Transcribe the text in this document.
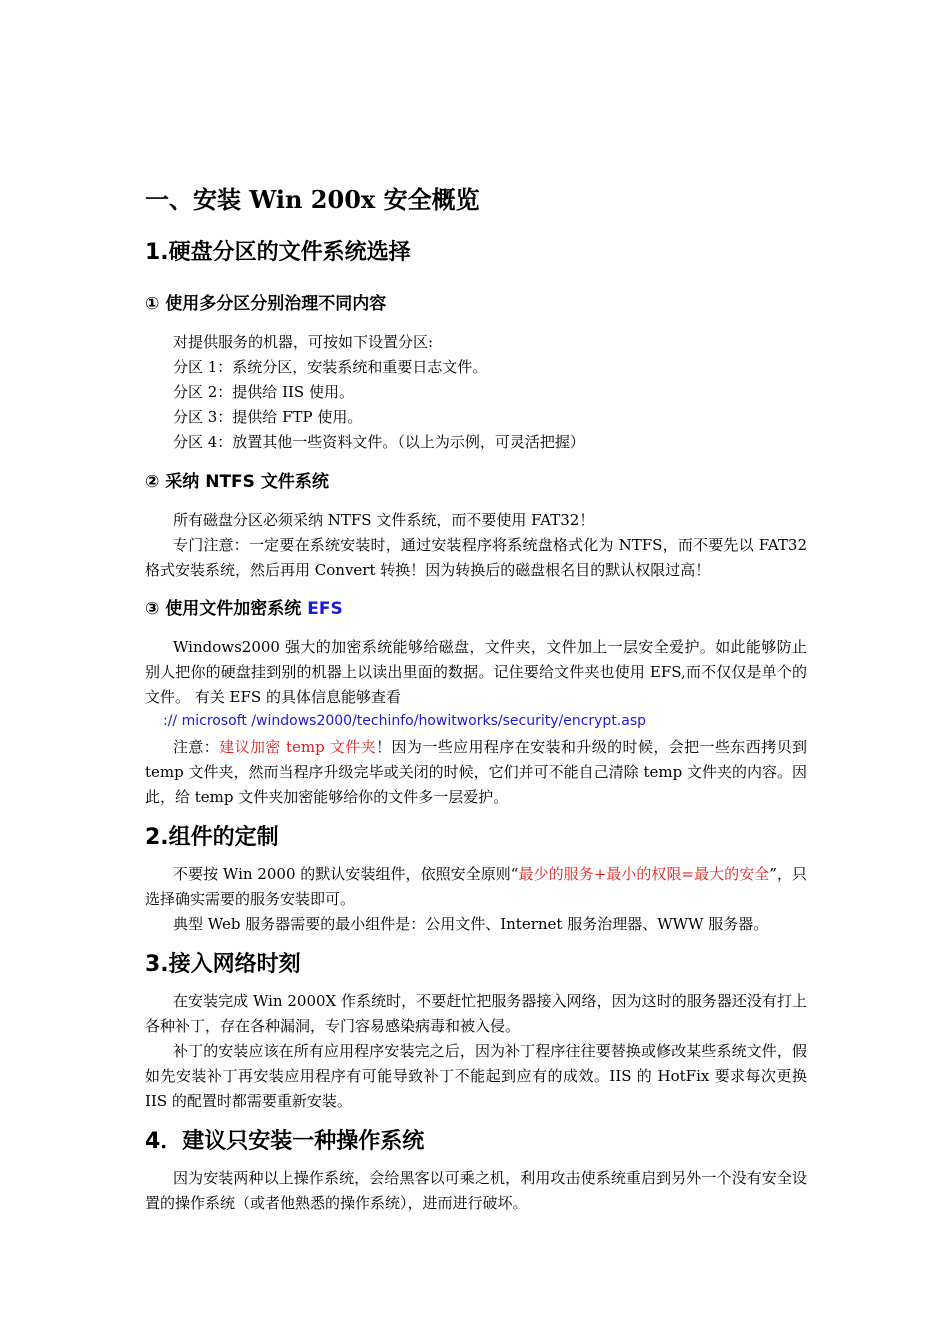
一、安装 Win 200x 安全概览
1.硬盘分区的文件系统选择
① 使用多分区分别治理不同内容

对提供服务的机器，可按如下设置分区:

分区 1：系统分区，安装系统和重要日志文件。

分区 2：提供给 IIS 使用。

分区 3：提供给 FTP 使用。

分区 4：放置其他一些资料文件。（以上为示例，可灵活把握）

② 采纳 NTFS 文件系统

所有磁盘分区必须采纳 NTFS 文件系统，而不要使用 FAT32！

专门注意：一定要在系统安装时，通过安装程序将系统盘格式化为 NTFS，而不要先以 FAT32 格式安装系统，然后再用 Convert 转换！因为转换后的磁盘根名目的默认权限过高！

③ 使用文件加密系统 EFS

Windows2000 强大的加密系统能够给磁盘，文件夹，文件加上一层安全爱护。如此能够防止别人把你的硬盘挂到别的机器上以读出里面的数据。记住要给文件夹也使用 EFS,而不仅仅是单个的文件。 有关 EFS 的具体信息能够查看

:// microsoft /windows2000/techinfo/howitworks/security/encrypt.asp

注意：建议加密 temp 文件夹！因为一些应用程序在安装和升级的时候，会把一些东西拷贝到 temp 文件夹，然而当程序升级完毕或关闭的时候，它们并可不能自己清除 temp 文件夹的内容。因此，给 temp 文件夹加密能够给你的文件多一层爱护。

2.组件的定制

不要按 Win 2000 的默认安装组件，依照安全原则“最少的服务+最小的权限=最大的安全”，只选择确实需要的服务安装即可。

典型 Web 服务器需要的最小组件是：公用文件、Internet 服务治理器、WWW 服务器。

3.接入网络时刻

在安装完成 Win 2000X 作系统时，不要赶忙把服务器接入网络，因为这时的服务器还没有打上各种补丁，存在各种漏洞，专门容易感染病毒和被入侵。

补丁的安装应该在所有应用程序安装完之后，因为补丁程序往往要替换或修改某些系统文件，假如先安装补丁再安装应用程序有可能导致补丁不能起到应有的成效。IIS 的 HotFix 要求每次更换 IIS 的配置时都需要重新安装。

4．建议只安装一种操作系统

因为安装两种以上操作系统，会给黑客以可乘之机，利用攻击使系统重启到另外一个没有安全设置的操作系统（或者他熟悉的操作系统），进而进行破坏。
